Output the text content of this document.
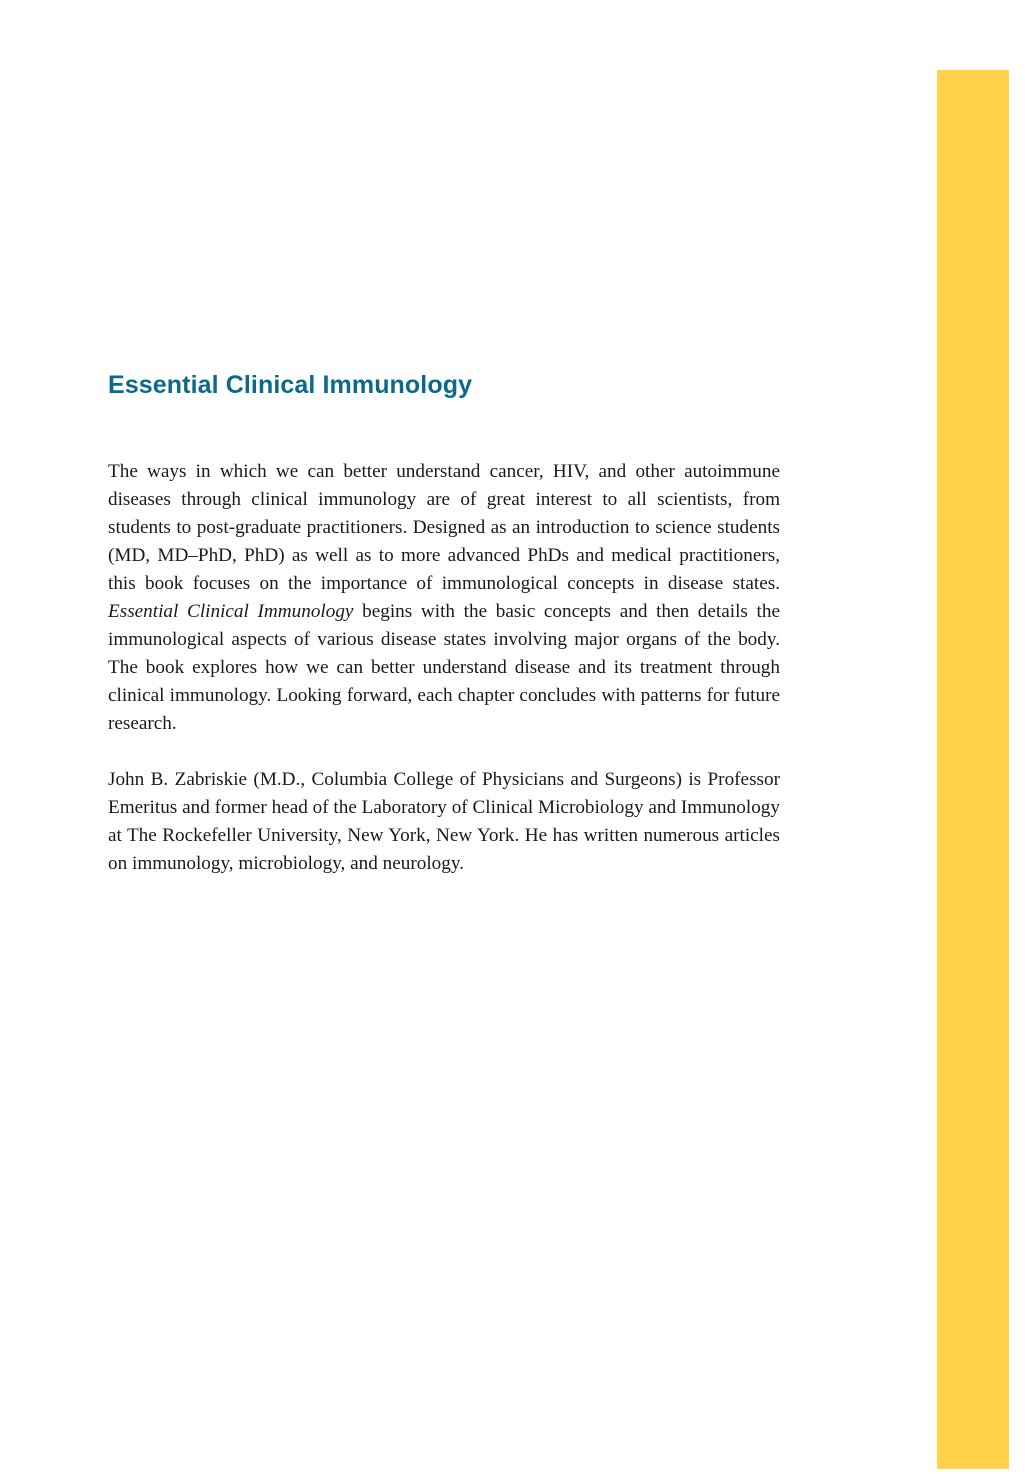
Essential Clinical Immunology

The ways in which we can better understand cancer, HIV, and other autoimmune diseases through clinical immunology are of great interest to all scientists, from students to post-graduate practitioners. Designed as an introduction to science students (MD, MD–PhD, PhD) as well as to more advanced PhDs and medical practitioners, this book focuses on the importance of immunological concepts in disease states. Essential Clinical Immunology begins with the basic concepts and then details the immunological aspects of various disease states involving major organs of the body. The book explores how we can better understand disease and its treatment through clinical immunology. Looking forward, each chapter concludes with patterns for future research.

John B. Zabriskie (M.D., Columbia College of Physicians and Surgeons) is Professor Emeritus and former head of the Laboratory of Clinical Microbiology and Immunology at The Rockefeller University, New York, New York. He has written numerous articles on immunology, microbiology, and neurology.
